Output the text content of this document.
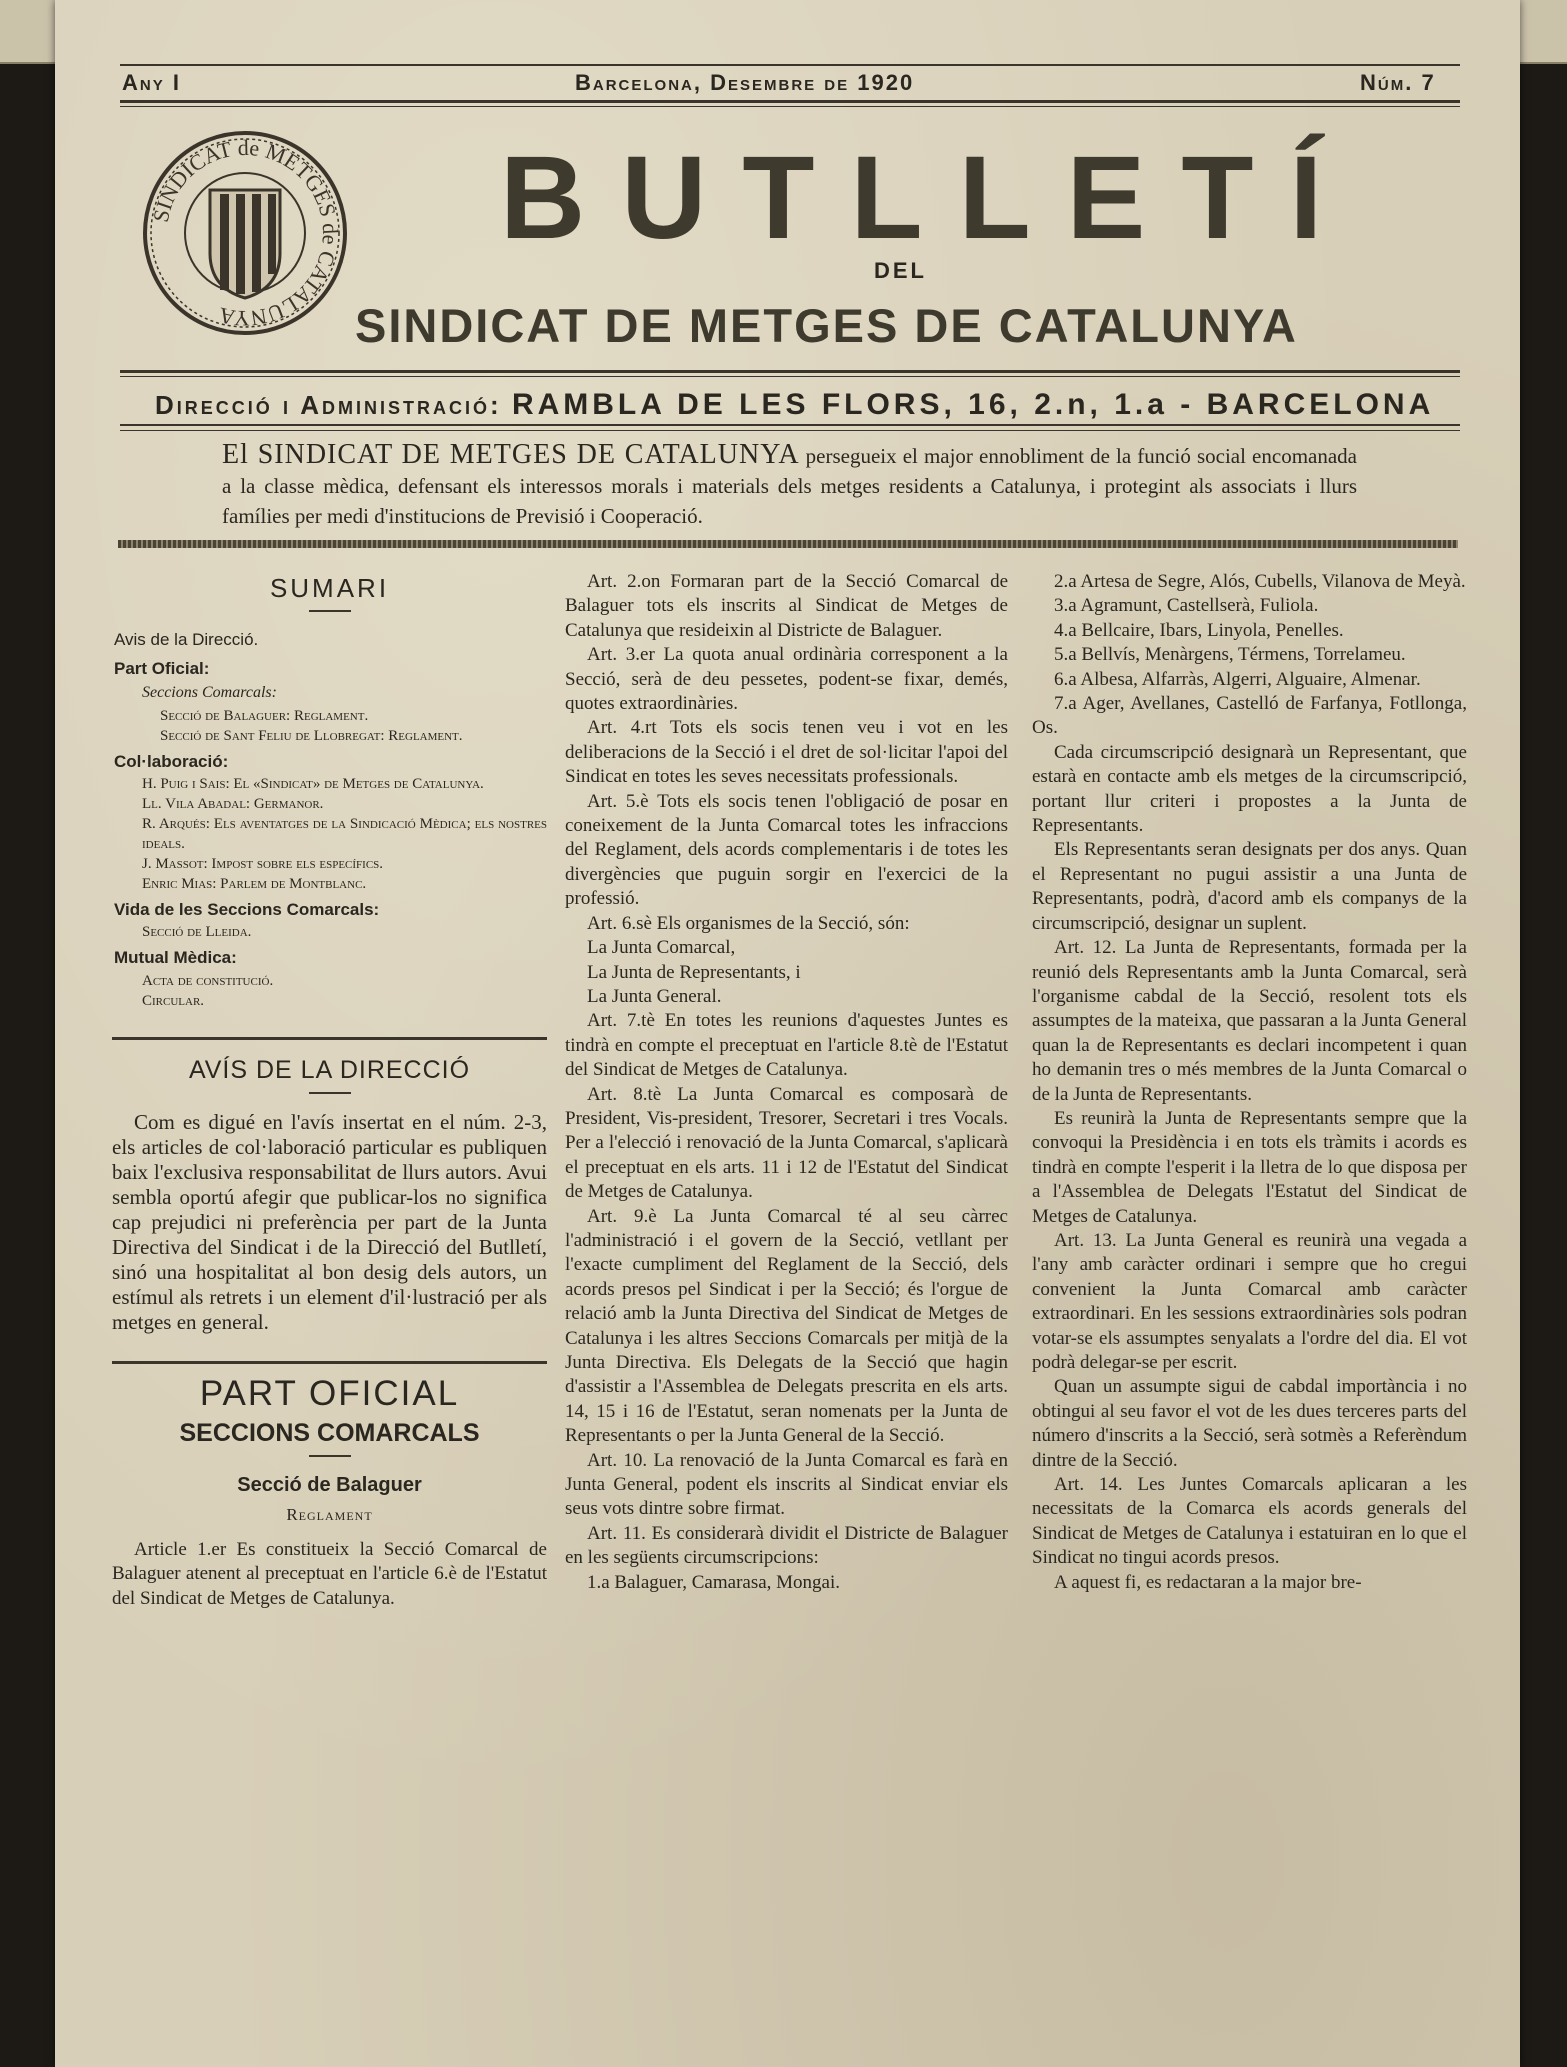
Any I	Barcelona, Desembre de 1920	Núm. 7
SINDICAT de METGES de CATALUNYA
BUTLLETÍ
DEL
SINDICAT DE METGES DE CATALUNYA
Direcció i Administració: RAMBLA DE LES FLORS, 16, 2.n, 1.a - BARCELONA
El SINDICAT DE METGES DE CATALUNYA persegueix el major ennobliment de la funció social encomanada a la classe mèdica, defensant els interessos morals i materials dels metges residents a Catalunya, i protegint als associats i llurs famílies per medi d'institucions de Previsió i Cooperació.
SUMARI
Avis de la Direcció.
Part Oficial:
Seccions Comarcals:
Secció de Balaguer: Reglament.
Secció de Sant Feliu de Llobregat: Reglament.
Col·laboració:
H. Puig i Sais: El «Sindicat» de Metges de Catalunya.
Ll. Vila Abadal: Germanor.
R. Arqués: Els aventatges de la Sindicació Mèdica; els nostres ideals.
J. Massot: Impost sobre els específics.
Enric Mias: Parlem de Montblanc.
Vida de les Seccions Comarcals:
Secció de Lleida.
Mutual Mèdica:
Acta de constitució.
Circular.
AVÍS DE LA DIRECCIÓ

Com es digué en l'avís insertat en el núm. 2-3, els articles de col·laboració particular es publiquen baix l'exclusiva responsabilitat de llurs autors. Avui sembla oportú afegir que publicar-los no significa cap prejudici ni preferència per part de la Junta Directiva del Sindicat i de la Direcció del Butlletí, sinó una hospitalitat al bon desig dels autors, un estímul als retrets i un element d'il·lustració per als metges en general.

PART OFICIAL
SECCIONS COMARCALS
Secció de Balaguer
Reglament

Article 1.er Es constitueix la Secció Comarcal de Balaguer atenent al preceptuat en l'article 6.è de l'Estatut del Sindicat de Metges de Catalunya.

Art. 2.on Formaran part de la Secció Comarcal de Balaguer tots els inscrits al Sindicat de Metges de Catalunya que resideixin al Districte de Balaguer.

Art. 3.er La quota anual ordinària corresponent a la Secció, serà de deu pessetes, podent-se fixar, demés, quotes extraordinàries.

Art. 4.rt Tots els socis tenen veu i vot en les deliberacions de la Secció i el dret de sol·licitar l'apoi del Sindicat en totes les seves necessitats professionals.

Art. 5.è Tots els socis tenen l'obligació de posar en coneixement de la Junta Comarcal totes les infraccions del Reglament, dels acords complementaris i de totes les divergències que puguin sorgir en l'exercici de la professió.

Art. 6.sè Els organismes de la Secció, són:

La Junta Comarcal,
La Junta de Representants, i
La Junta General.

Art. 7.tè En totes les reunions d'aquestes Juntes es tindrà en compte el preceptuat en l'article 8.tè de l'Estatut del Sindicat de Metges de Catalunya.

Art. 8.tè La Junta Comarcal es composarà de President, Vis-president, Tresorer, Secretari i tres Vocals. Per a l'elecció i renovació de la Junta Comarcal, s'aplicarà el preceptuat en els arts. 11 i 12 de l'Estatut del Sindicat de Metges de Catalunya.

Art. 9.è La Junta Comarcal té al seu càrrec l'administració i el govern de la Secció, vetllant per l'exacte cumpliment del Reglament de la Secció, dels acords presos pel Sindicat i per la Secció; és l'orgue de relació amb la Junta Directiva del Sindicat de Metges de Catalunya i les altres Seccions Comarcals per mitjà de la Junta Directiva. Els Delegats de la Secció que hagin d'assistir a l'Assemblea de Delegats prescrita en els arts. 14, 15 i 16 de l'Estatut, seran nomenats per la Junta de Representants o per la Junta General de la Secció.

Art. 10. La renovació de la Junta Comarcal es farà en Junta General, podent els inscrits al Sindicat enviar els seus vots dintre sobre firmat.

Art. 11. Es considerarà dividit el Districte de Balaguer en les següents circumscripcions:

1.a Balaguer, Camarasa, Mongai.

2.a Artesa de Segre, Alós, Cubells, Vilanova de Meyà.

3.a Agramunt, Castellserà, Fuliola.

4.a Bellcaire, Ibars, Linyola, Penelles.

5.a Bellvís, Menàrgens, Térmens, Torrelameu.

6.a Albesa, Alfarràs, Algerri, Alguaire, Almenar.

7.a Ager, Avellanes, Castelló de Farfanya, Fotllonga, Os.

Cada circumscripció designarà un Representant, que estarà en contacte amb els metges de la circumscripció, portant llur criteri i propostes a la Junta de Representants.

Els Representants seran designats per dos anys. Quan el Representant no pugui assistir a una Junta de Representants, podrà, d'acord amb els companys de la circumscripció, designar un suplent.

Art. 12. La Junta de Representants, formada per la reunió dels Representants amb la Junta Comarcal, serà l'organisme cabdal de la Secció, resolent tots els assumptes de la mateixa, que passaran a la Junta General quan la de Representants es declari incompetent i quan ho demanin tres o més membres de la Junta Comarcal o de la Junta de Representants.

Es reunirà la Junta de Representants sempre que la convoqui la Presidència i en tots els tràmits i acords es tindrà en compte l'esperit i la lletra de lo que disposa per a l'Assemblea de Delegats l'Estatut del Sindicat de Metges de Catalunya.

Art. 13. La Junta General es reunirà una vegada a l'any amb caràcter ordinari i sempre que ho cregui convenient la Junta Comarcal amb caràcter extraordinari. En les sessions extraordinàries sols podran votar-se els assumptes senyalats a l'ordre del dia. El vot podrà delegar-se per escrit.

Quan un assumpte sigui de cabdal importància i no obtingui al seu favor el vot de les dues terceres parts del número d'inscrits a la Secció, serà sotmès a Referèndum dintre de la Secció.

Art. 14. Les Juntes Comarcals aplicaran a les necessitats de la Comarca els acords generals del Sindicat de Metges de Catalunya i estatuiran en lo que el Sindicat no tingui acords presos.

A aquest fi, es redactaran a la major bre-
